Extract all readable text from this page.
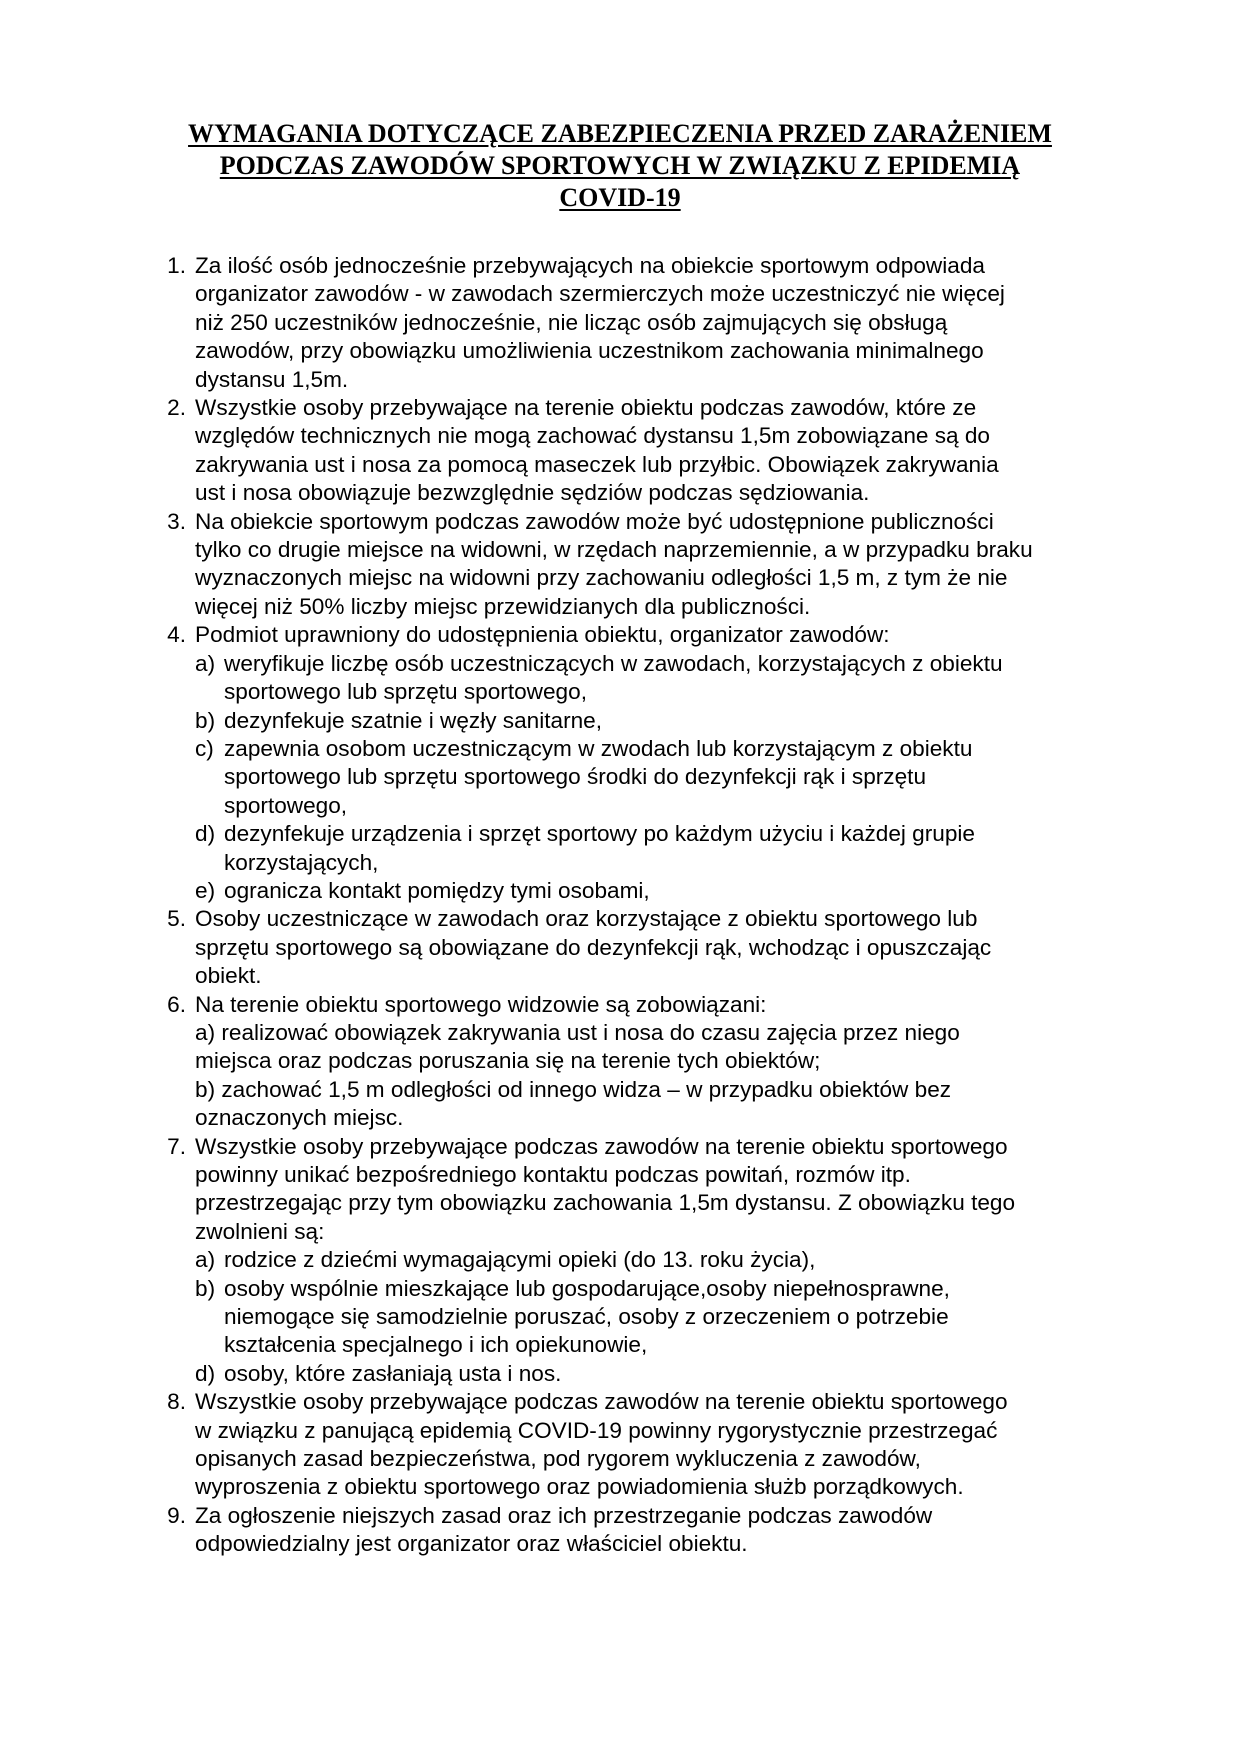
WYMAGANIA DOTYCZĄCE ZABEZPIECZENIA PRZED ZARAŻENIEM
PODCZAS ZAWODÓW SPORTOWYCH W ZWIĄZKU Z EPIDEMIĄ
COVID-19
1. Za ilość osób jednocześnie przebywających na obiekcie sportowym odpowiada
organizator zawodów - w zawodach szermierczych może uczestniczyć nie więcej
niż 250 uczestników jednocześnie, nie licząc osób zajmujących się obsługą
zawodów, przy obowiązku umożliwienia uczestnikom zachowania minimalnego
dystansu 1,5m.

2. Wszystkie osoby przebywające na terenie obiektu podczas zawodów, które ze
względów technicznych nie mogą zachować dystansu 1,5m zobowiązane są do
zakrywania ust i nosa za pomocą maseczek lub przyłbic. Obowiązek zakrywania
ust i nosa obowiązuje bezwzględnie sędziów podczas sędziowania.

3. Na obiekcie sportowym podczas zawodów może być udostępnione publiczności
tylko co drugie miejsce na widowni, w rzędach naprzemiennie, a w przypadku braku
wyznaczonych miejsc na widowni przy zachowaniu odległości 1,5 m, z tym że nie
więcej niż 50% liczby miejsc przewidzianych dla publiczności.

4. Podmiot uprawniony do udostępnienia obiektu, organizator zawodów:

a) weryfikuje liczbę osób uczestniczących w zawodach, korzystających z obiektu
sportowego lub sprzętu sportowego,
b) dezynfekuje szatnie i węzły sanitarne,
c) zapewnia osobom uczestniczącym w zwodach lub korzystającym z obiektu
sportowego lub sprzętu sportowego środki do dezynfekcji rąk i sprzętu
sportowego,
d) dezynfekuje urządzenia i sprzęt sportowy po każdym użyciu i każdej grupie
korzystających,
e) ogranicza kontakt pomiędzy tymi osobami,
5. Osoby uczestniczące w zawodach oraz korzystające z obiektu sportowego lub
sprzętu sportowego są obowiązane do dezynfekcji rąk, wchodząc i opuszczając
obiekt.

6. Na terenie obiektu sportowego widzowie są zobowiązani:

a) realizować obowiązek zakrywania ust i nosa do czasu zajęcia przez niego
miejsca oraz podczas poruszania się na terenie tych obiektów;
b) zachować 1,5 m odległości od innego widza – w przypadku obiektów bez
oznaczonych miejsc.
7. Wszystkie osoby przebywające podczas zawodów na terenie obiektu sportowego
powinny unikać bezpośredniego kontaktu podczas powitań, rozmów itp.
przestrzegając przy tym obowiązku zachowania 1,5m dystansu. Z obowiązku tego
zwolnieni są:

a) rodzice z dziećmi wymagającymi opieki (do 13. roku życia),
b) osoby wspólnie mieszkające lub gospodarujące,osoby niepełnosprawne,
niemogące się samodzielnie poruszać, osoby z orzeczeniem o potrzebie
kształcenia specjalnego i ich opiekunowie,
d) osoby, które zasłaniają usta i nos.
8. Wszystkie osoby przebywające podczas zawodów na terenie obiektu sportowego
w związku z panującą epidemią COVID-19 powinny rygorystycznie przestrzegać
opisanych zasad bezpieczeństwa, pod rygorem wykluczenia z zawodów,
wyproszenia z obiektu sportowego oraz powiadomienia służb porządkowych.

9. Za ogłoszenie niejszych zasad oraz ich przestrzeganie podczas zawodów
odpowiedzialny jest organizator oraz właściciel obiektu.
